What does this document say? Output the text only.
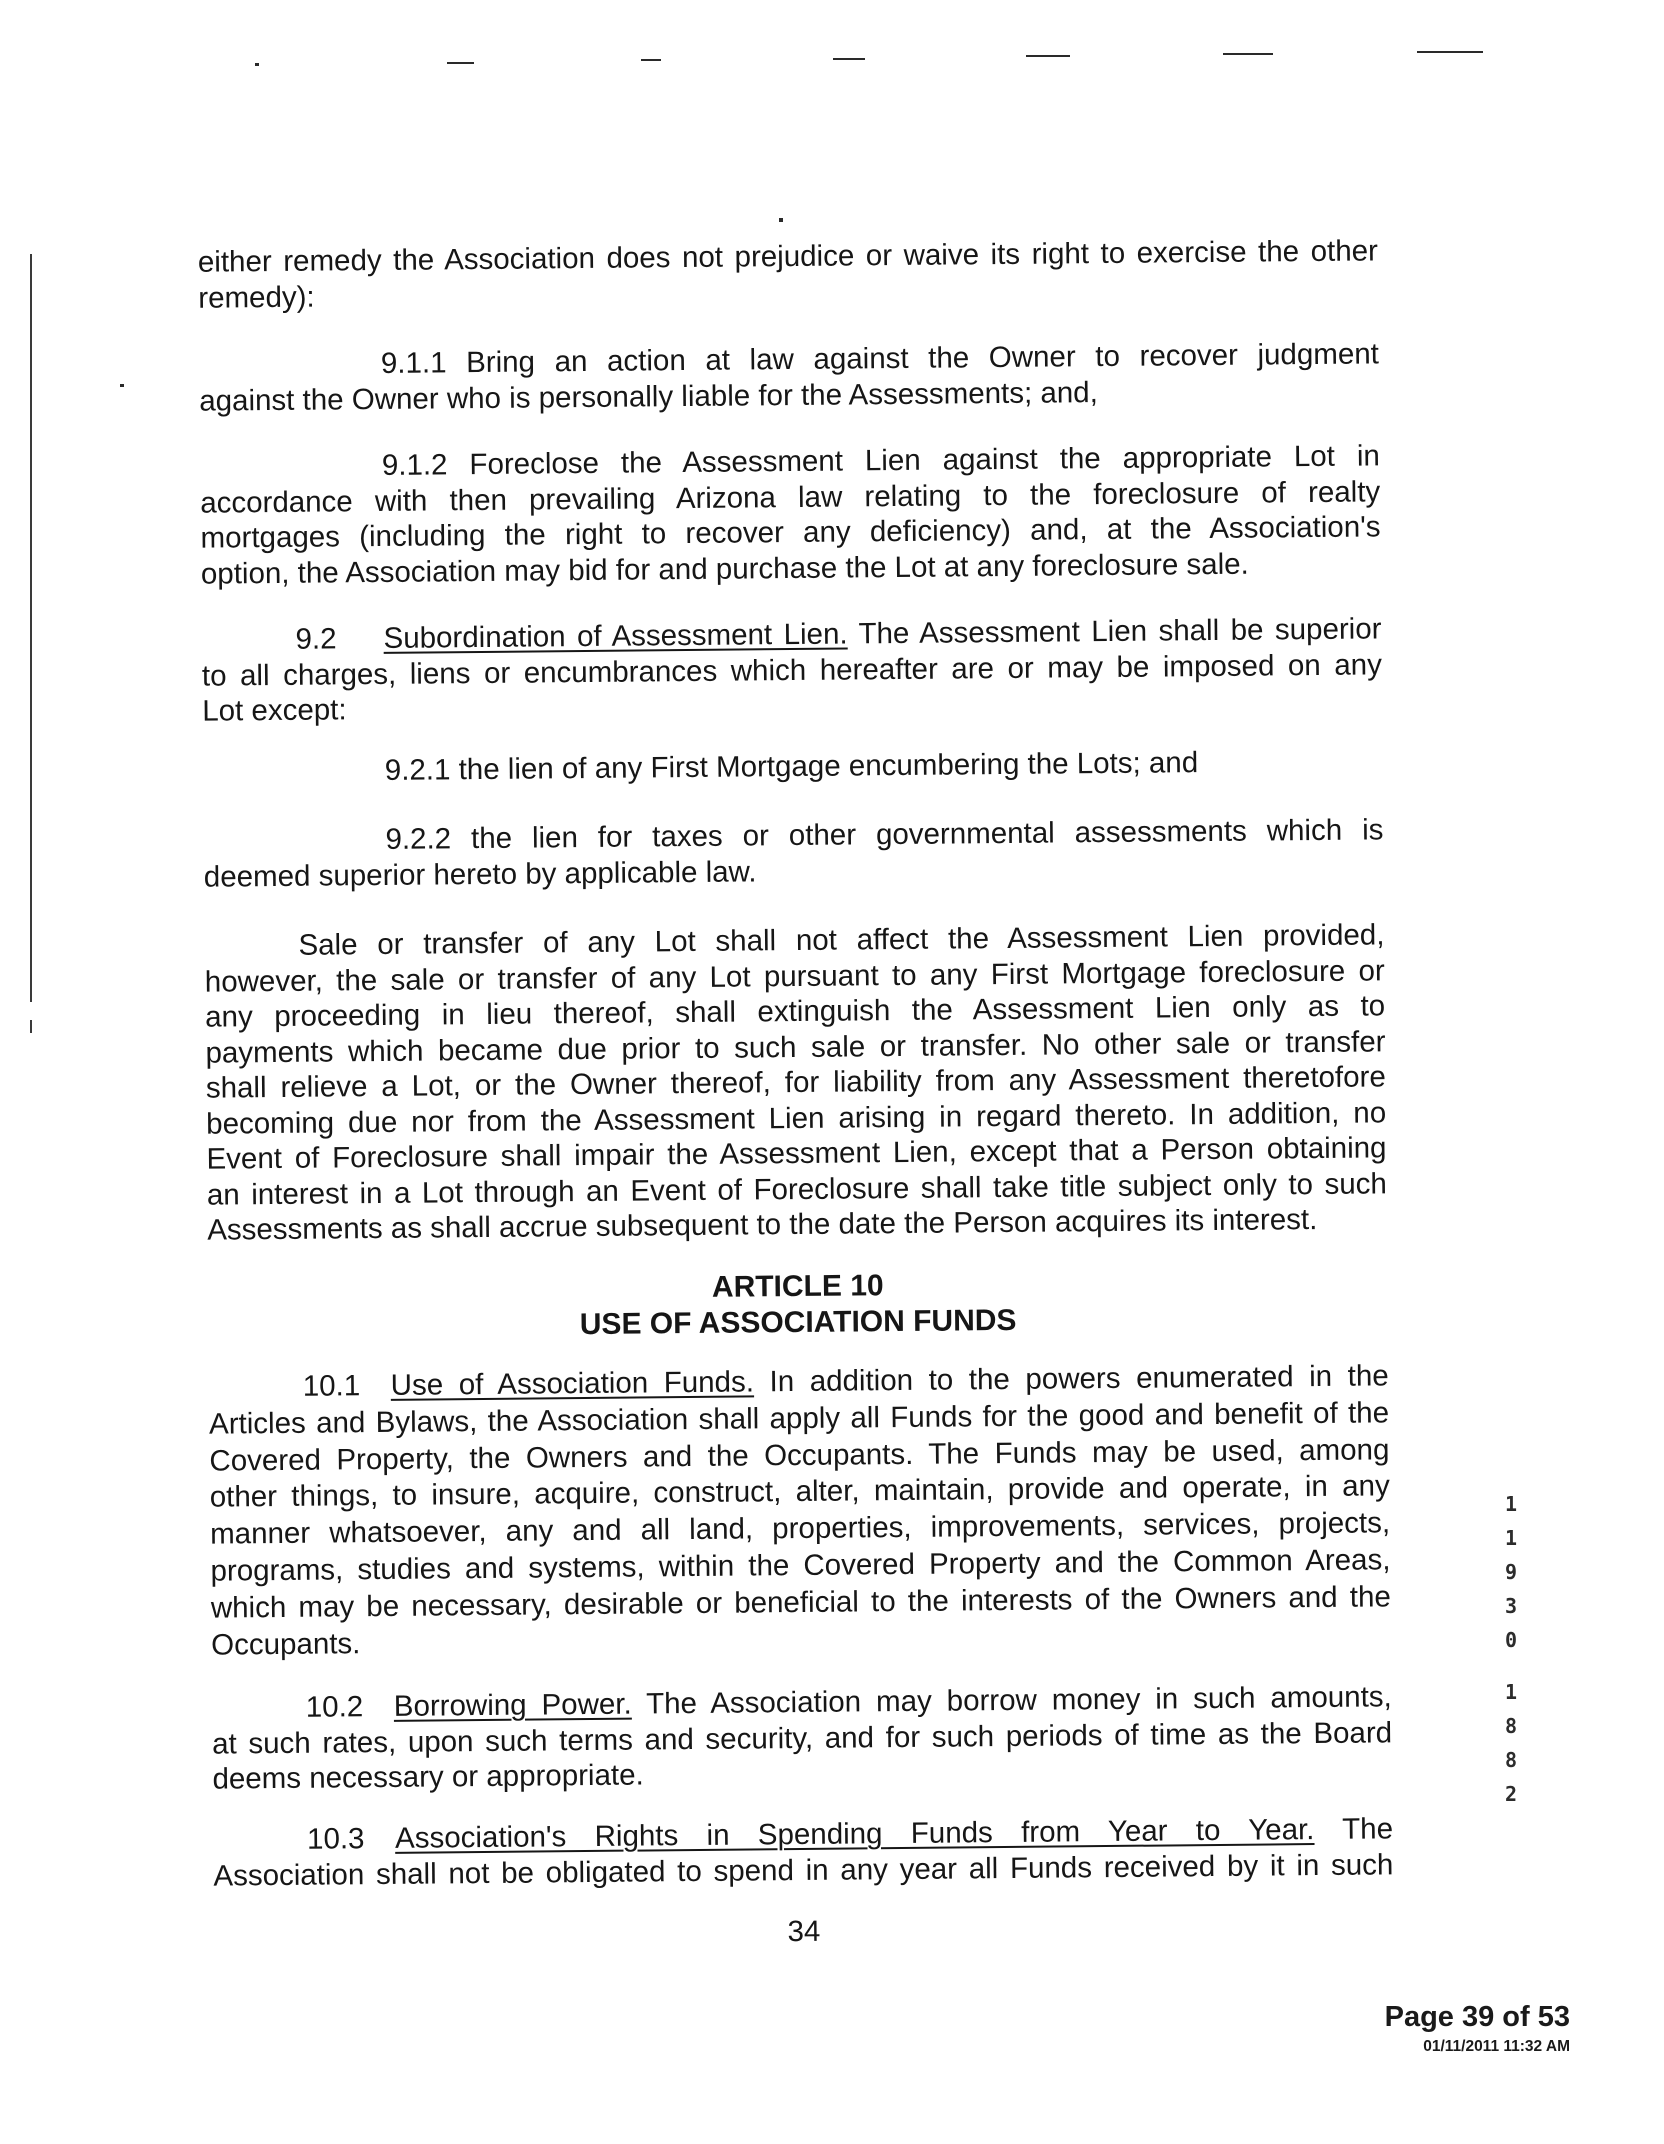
either remedy the Association does not prejudice or waive its right to exercise the other
remedy):
9.1.1 Bring an action at law against the Owner to recover judgment
against the Owner who is personally liable for the Assessments; and,
9.1.2 Foreclose the Assessment Lien against the appropriate Lot in
accordance with then prevailing Arizona law relating to the foreclosure of realty
mortgages (including the right to recover any deficiency) and, at the Association's
option, the Association may bid for and purchase the Lot at any foreclosure sale.
9.2 Subordination of Assessment Lien. The Assessment Lien shall be superior
to all charges, liens or encumbrances which hereafter are or may be imposed on any
Lot except:
9.2.1 the lien of any First Mortgage encumbering the Lots; and
9.2.2 the lien for taxes or other governmental assessments which is
deemed superior hereto by applicable law.
Sale or transfer of any Lot shall not affect the Assessment Lien provided,
however, the sale or transfer of any Lot pursuant to any First Mortgage foreclosure or
any proceeding in lieu thereof, shall extinguish the Assessment Lien only as to
payments which became due prior to such sale or transfer. No other sale or transfer
shall relieve a Lot, or the Owner thereof, for liability from any Assessment theretofore
becoming due nor from the Assessment Lien arising in regard thereto. In addition, no
Event of Foreclosure shall impair the Assessment Lien, except that a Person obtaining
an interest in a Lot through an Event of Foreclosure shall take title subject only to such
Assessments as shall accrue subsequent to the date the Person acquires its interest.
ARTICLE 10
USE OF ASSOCIATION FUNDS
10.1 Use of Association Funds. In addition to the powers enumerated in the
Articles and Bylaws, the Association shall apply all Funds for the good and benefit of the
Covered Property, the Owners and the Occupants. The Funds may be used, among
other things, to insure, acquire, construct, alter, maintain, provide and operate, in any
manner whatsoever, any and all land, properties, improvements, services, projects,
programs, studies and systems, within the Covered Property and the Common Areas,
which may be necessary, desirable or beneficial to the interests of the Owners and the
Occupants.
10.2 Borrowing Power. The Association may borrow money in such amounts,
at such rates, upon such terms and security, and for such periods of time as the Board
deems necessary or appropriate.
10.3 Association's Rights in Spending Funds from Year to Year. The
Association shall not be obligated to spend in any year all Funds received by it in such
34
11930
1882
Page 39 of 53
01/11/2011 11:32 AM
